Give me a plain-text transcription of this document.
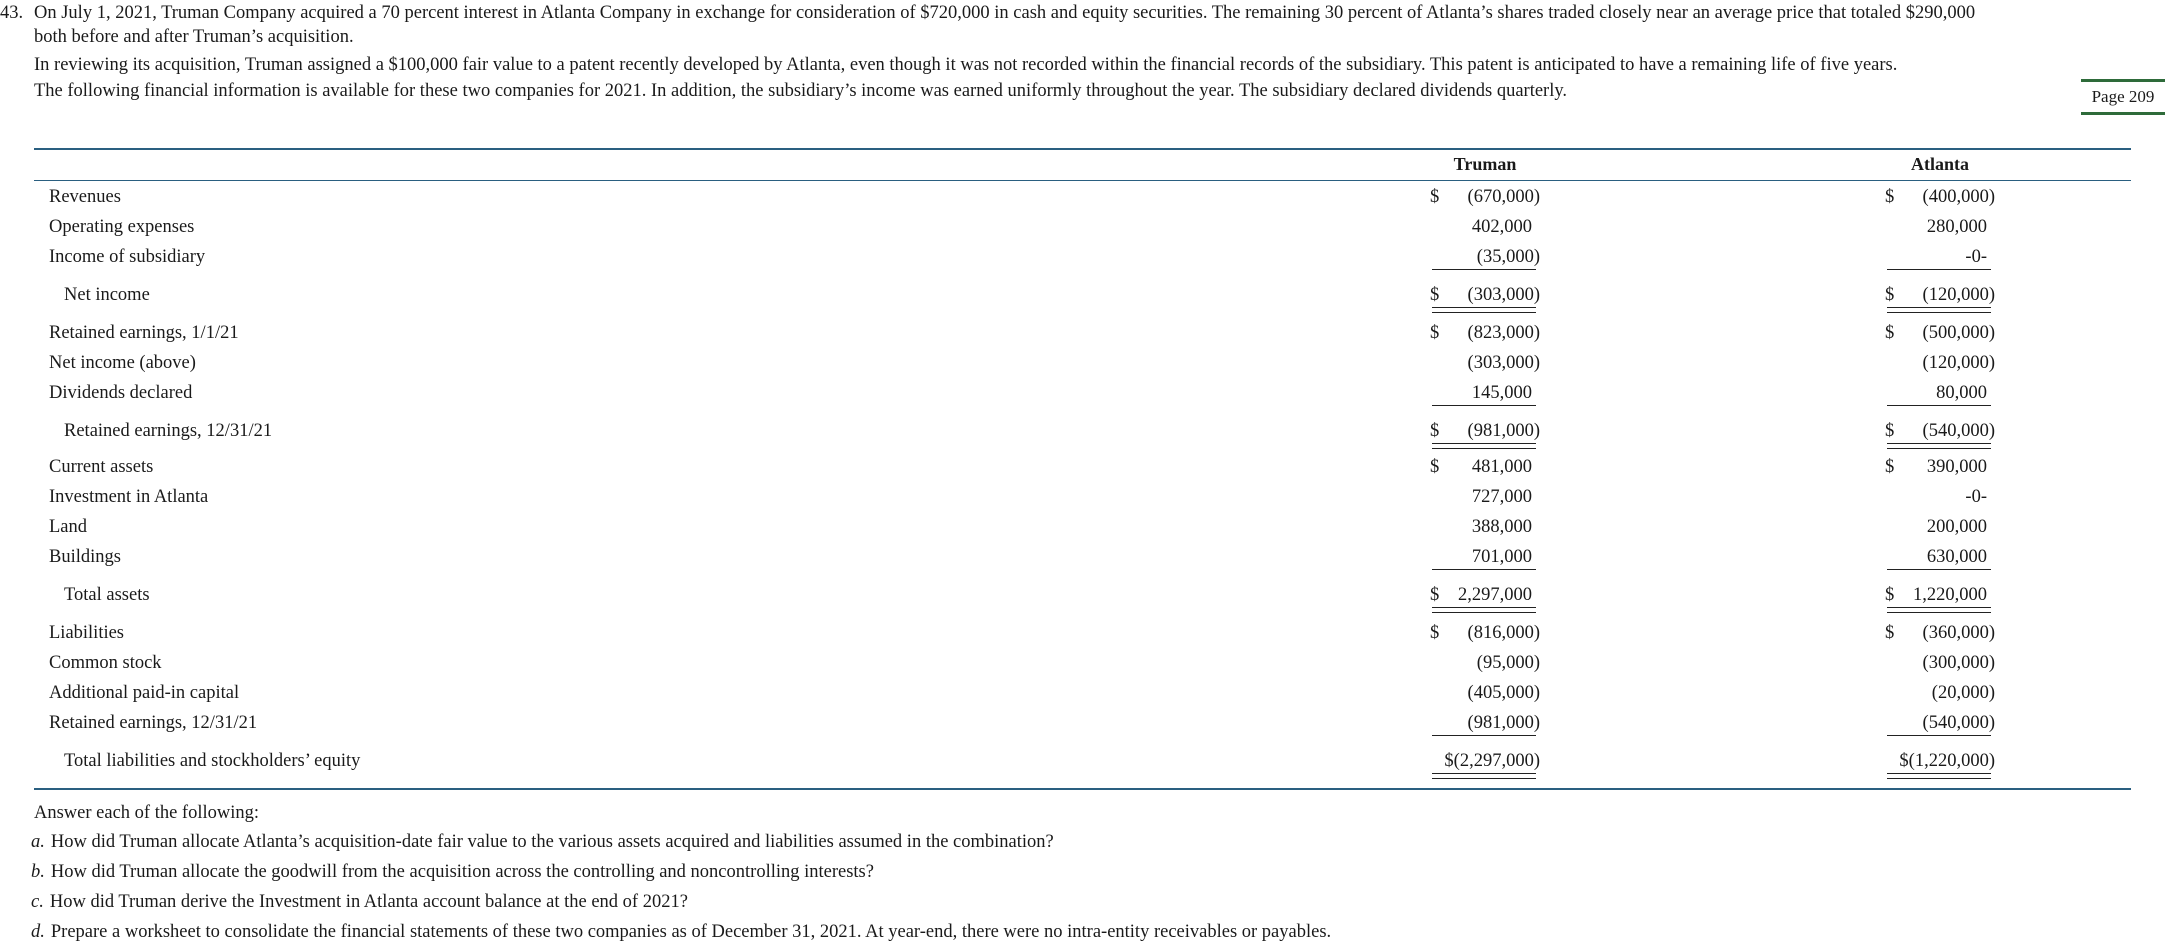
43. On July 1, 2021, Truman Company acquired a 70 percent interest in Atlanta Company in exchange for consideration of $720,000 in cash and equity securities. The remaining 30 percent of Atlanta’s shares traded closely near an average price that totaled $290,000
both before and after Truman’s acquisition.
In reviewing its acquisition, Truman assigned a $100,000 fair value to a patent recently developed by Atlanta, even though it was not recorded within the financial records of the subsidiary. This patent is anticipated to have a remaining life of five years.
The following financial information is available for these two companies for 2021. In addition, the subsidiary’s income was earned uniformly throughout the year. The subsidiary declared dividends quarterly.	Page 209
Truman	Atlanta
Revenues	$ (670,000)	$ (400,000)
Operating expenses	402,000	280,000
Income of subsidiary	(35,000)	-0-
Net income	$ (303,000)	$ (120,000)
Retained earnings, 1/1/21	$ (823,000)	$ (500,000)
Net income (above)	(303,000)	(120,000)
Dividends declared	145,000	80,000
Retained earnings, 12/31/21	$ (981,000)	$ (540,000)
Current assets	$ 481,000	$ 390,000
Investment in Atlanta	727,000	-0-
Land	388,000	200,000
Buildings	701,000	630,000
Total assets	$ 2,297,000	$ 1,220,000
Liabilities	$ (816,000)	$ (360,000)
Common stock	(95,000)	(300,000)
Additional paid-in capital	(405,000)	(20,000)
Retained earnings, 12/31/21	(981,000)	(540,000)
Total liabilities and stockholders’ equity	$(2,297,000)	$(1,220,000)
Answer each of the following:
a. How did Truman allocate Atlanta’s acquisition-date fair value to the various assets acquired and liabilities assumed in the combination?
b. How did Truman allocate the goodwill from the acquisition across the controlling and noncontrolling interests?
c. How did Truman derive the Investment in Atlanta account balance at the end of 2021?
d. Prepare a worksheet to consolidate the financial statements of these two companies as of December 31, 2021. At year-end, there were no intra-entity receivables or payables.
